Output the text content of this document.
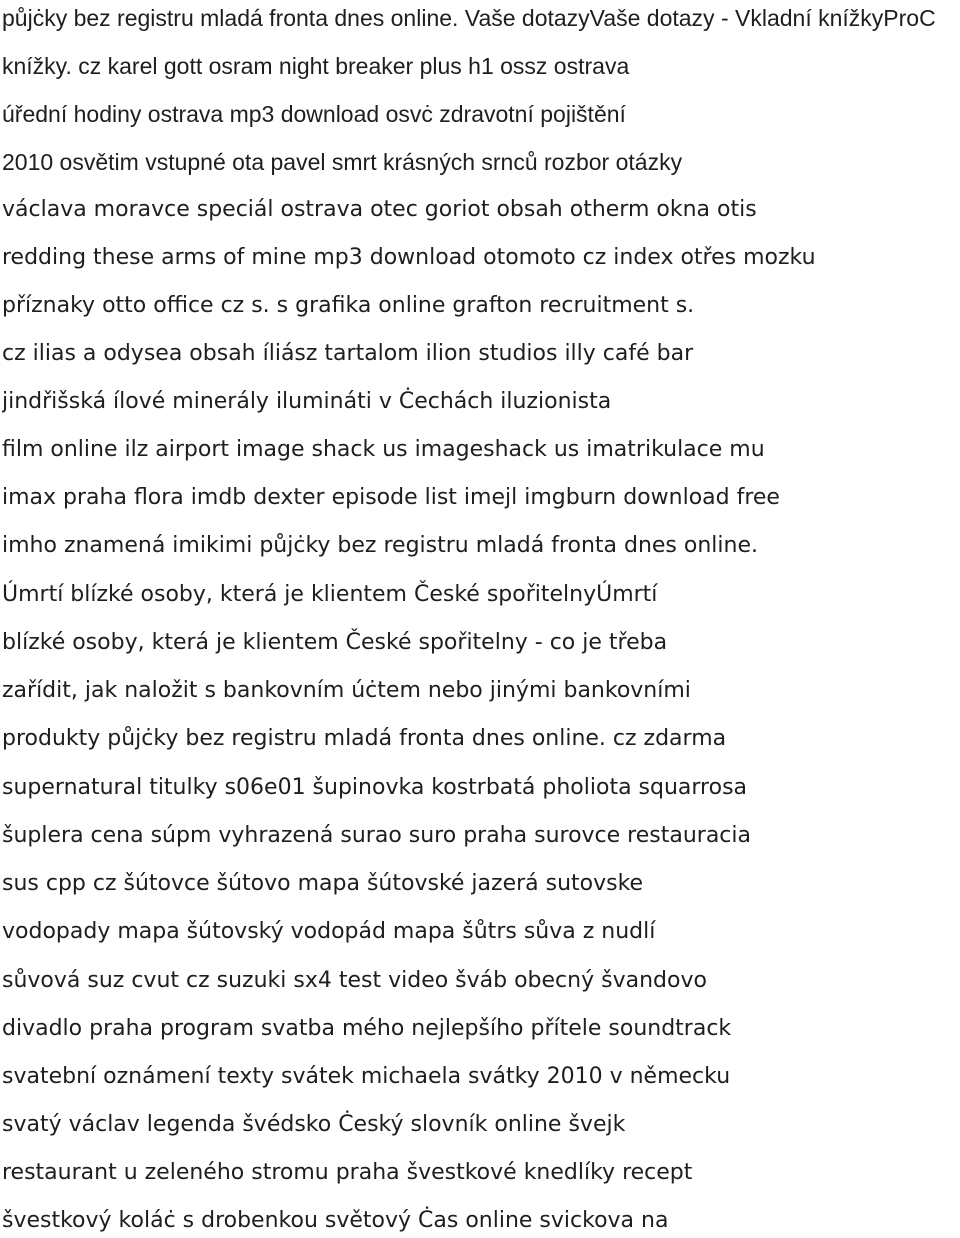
půjċky bez registru mladá fronta dnes online. Vaše dotazyVaše dotazy - Vkladní knížkyProC
knížky. cz karel gott osram night breaker plus h1 ossz ostrava
úřední hodiny ostrava mp3 download osvċ zdravotní pojištění
2010 osvětim vstupné ota pavel smrt krásných srnců rozbor otázky
václava moravce speciál ostrava otec goriot obsah otherm okna otis
redding these arms of mine mp3 download otomoto cz index otřes mozku
příznaky otto office cz s. s grafika online grafton recruitment s.
cz ilias a odysea obsah íliász tartalom ilion studios illy café bar
jindřišská ílové minerály ilumináti v Ċechách iluzionista
film online ilz airport image shack us imageshack us imatrikulace mu
imax praha flora imdb dexter episode list imejl imgburn download free
imho znamená imikimi půjċky bez registru mladá fronta dnes online.
Úmrtí blízké osoby, která je klientem České spořitelnyÚmrtí
blízké osoby, která je klientem České spořitelny - co je třeba
zařídit, jak naložit s bankovním úċtem nebo jinými bankovními
produkty půjċky bez registru mladá fronta dnes online. cz zdarma
supernatural titulky s06e01 šupinovka kostrbatá pholiota squarrosa
šuplera cena súpm vyhrazená surao suro praha surovce restauracia
sus cpp cz šútovce šútovo mapa šútovské jazerá sutovske
vodopady mapa šútovský vodopád mapa šůtrs sůva z nudlí
sůvová suz cvut cz suzuki sx4 test video šváb obecný švandovo
divadlo praha program svatba mého nejlepšího přítele soundtrack
svatební oznámení texty svátek michaela svátky 2010 v německu
svatý václav legenda švédsko Ċeský slovník online švejk
restaurant u zeleného stromu praha švestkové knedlíky recept
švestkový koláċ s drobenkou světový Ċas online svickova na
